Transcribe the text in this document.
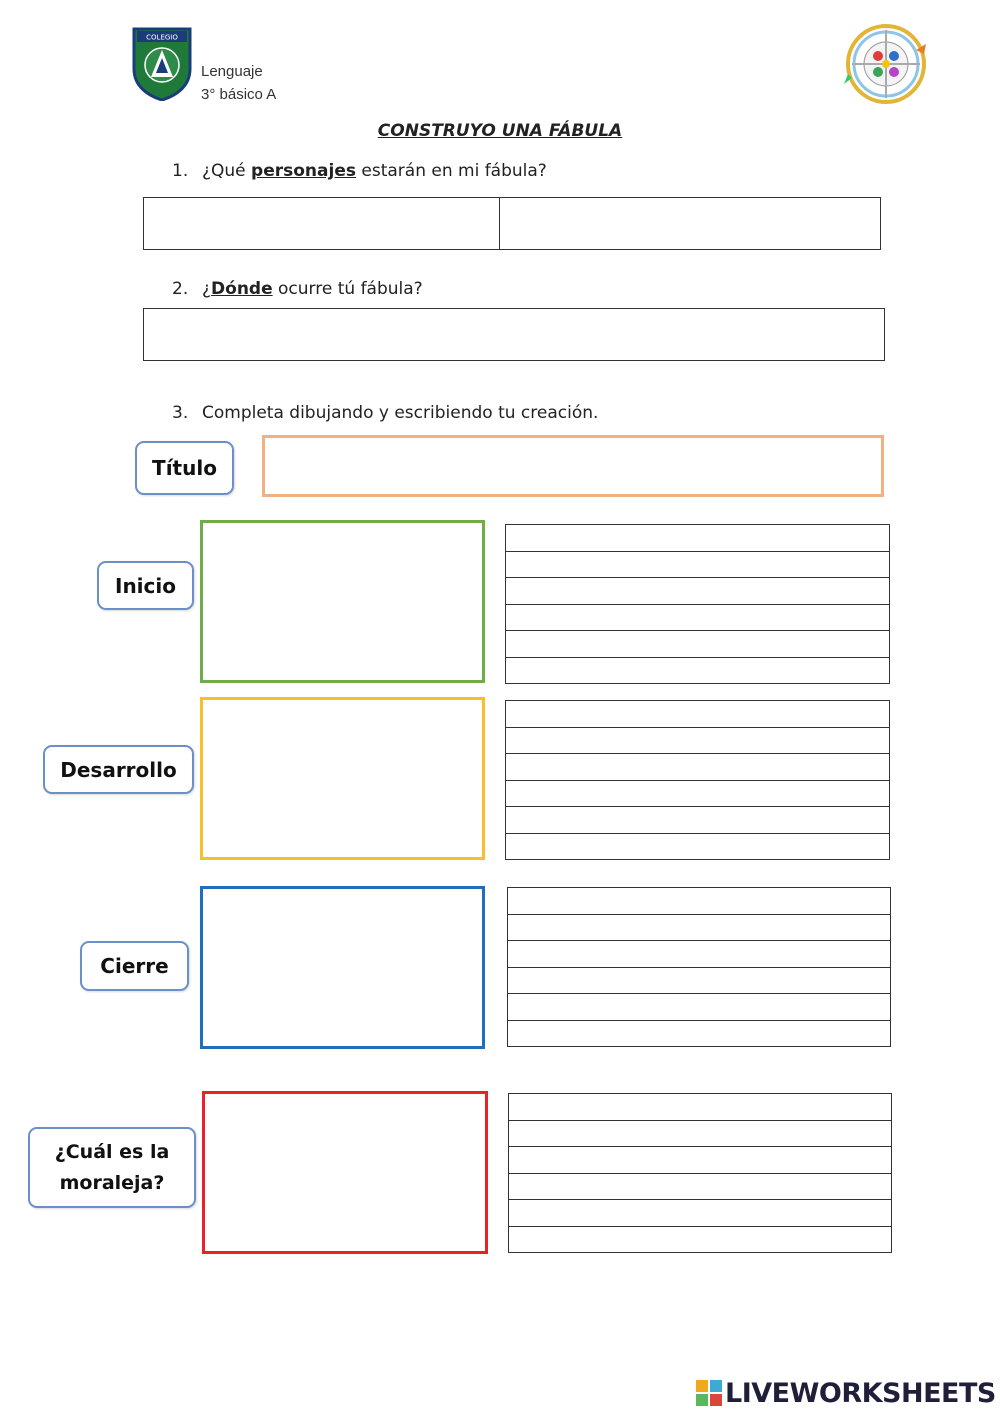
COLEGIO
Lenguaje
3° básico A
CONSTRUYO UNA FÁBULA
1. ¿Qué personajes estarán en mi fábula?
2. ¿Dónde ocurre tú fábula?
3. Completa dibujando y escribiendo tu creación.
Título
Inicio
Desarrollo
Cierre
¿Cuál es la
moraleja?
LIVEWORKSHEETS
